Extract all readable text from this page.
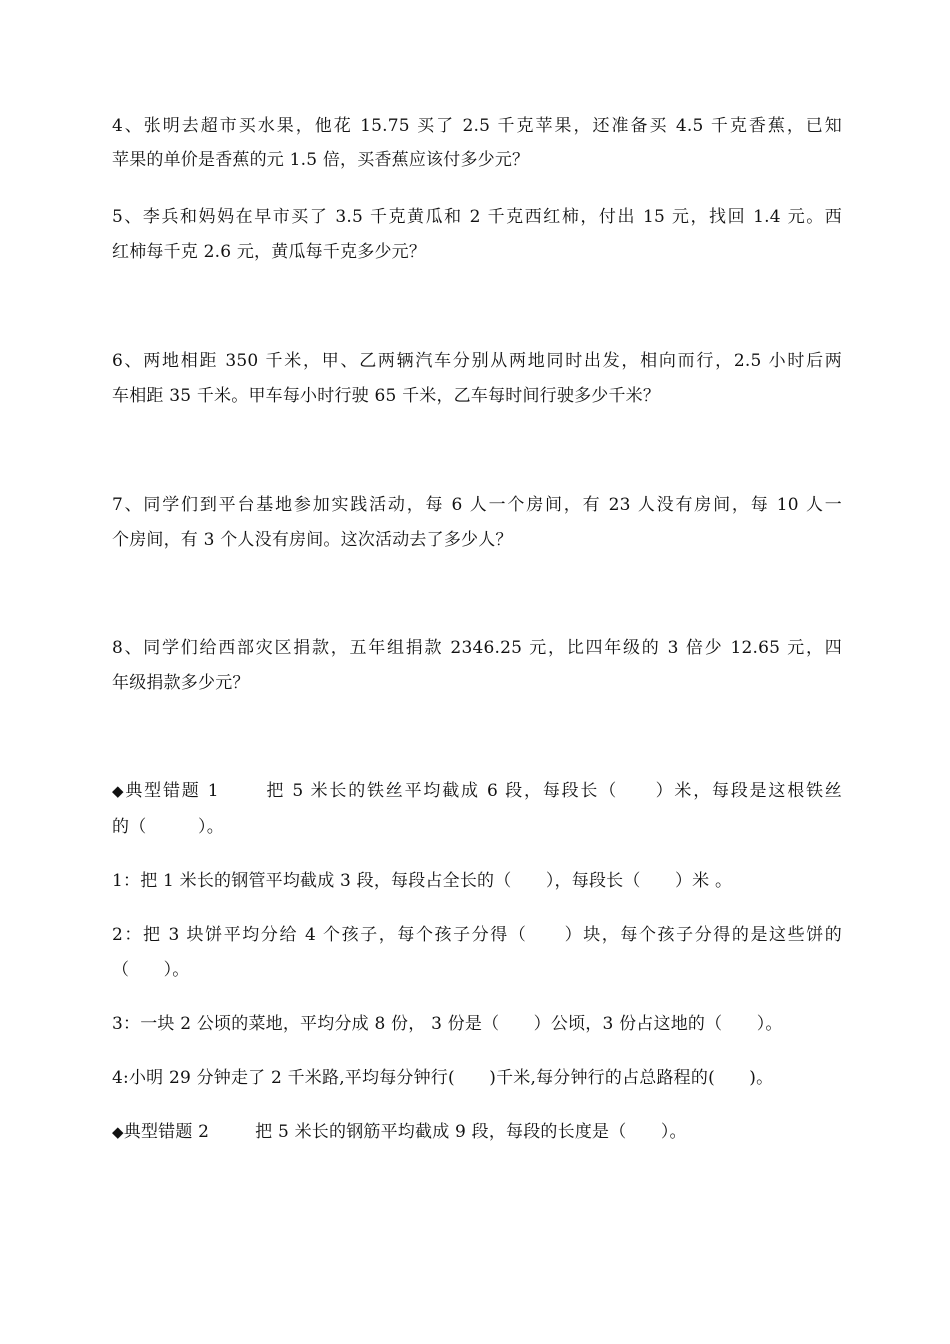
4、张明去超市买水果，他花 15.75 买了 2.5 千克苹果，还准备买 4.5 千克香蕉，已知
苹果的单价是香蕉的元 1.5 倍，买香蕉应该付多少元？
5、李兵和妈妈在早市买了 3.5 千克黄瓜和 2 千克西红柿，付出 15 元，找回 1.4 元。西
红柿每千克 2.6 元，黄瓜每千克多少元？
6、两地相距 350 千米，甲、乙两辆汽车分别从两地同时出发，相向而行，2.5 小时后两
车相距 35 千米。甲车每小时行驶 65 千米，乙车每时间行驶多少千米？
7、同学们到平台基地参加实践活动，每 6 人一个房间，有 23 人没有房间，每 10 人一
个房间，有 3 个人没有房间。这次活动去了多少人？
8、同学们给西部灾区捐款，五年组捐款 2346.25 元，比四年级的 3 倍少 12.65 元，四
年级捐款多少元？
◆典型错题 1	把 5 米长的铁丝平均截成 6 段，每段长（　　）米，每段是这根铁丝
的（　　　）。
1：把 1 米长的钢管平均截成 3 段，每段占全长的（　　），每段长（　　）米 。
2：把 3 块饼平均分给 4 个孩子，每个孩子分得（　　）块，每个孩子分得的是这些饼的
（　　）。
3：一块 2 公顷的菜地，平均分成 8 份， 3 份是（　　）公顷，3 份占这地的（　　）。
4:小明 29 分钟走了 2 千米路,平均每分钟行(　　)千米,每分钟行的占总路程的(　　)。
◆典型错题 2	把 5 米长的钢筋平均截成 9 段，每段的长度是（　　）。
